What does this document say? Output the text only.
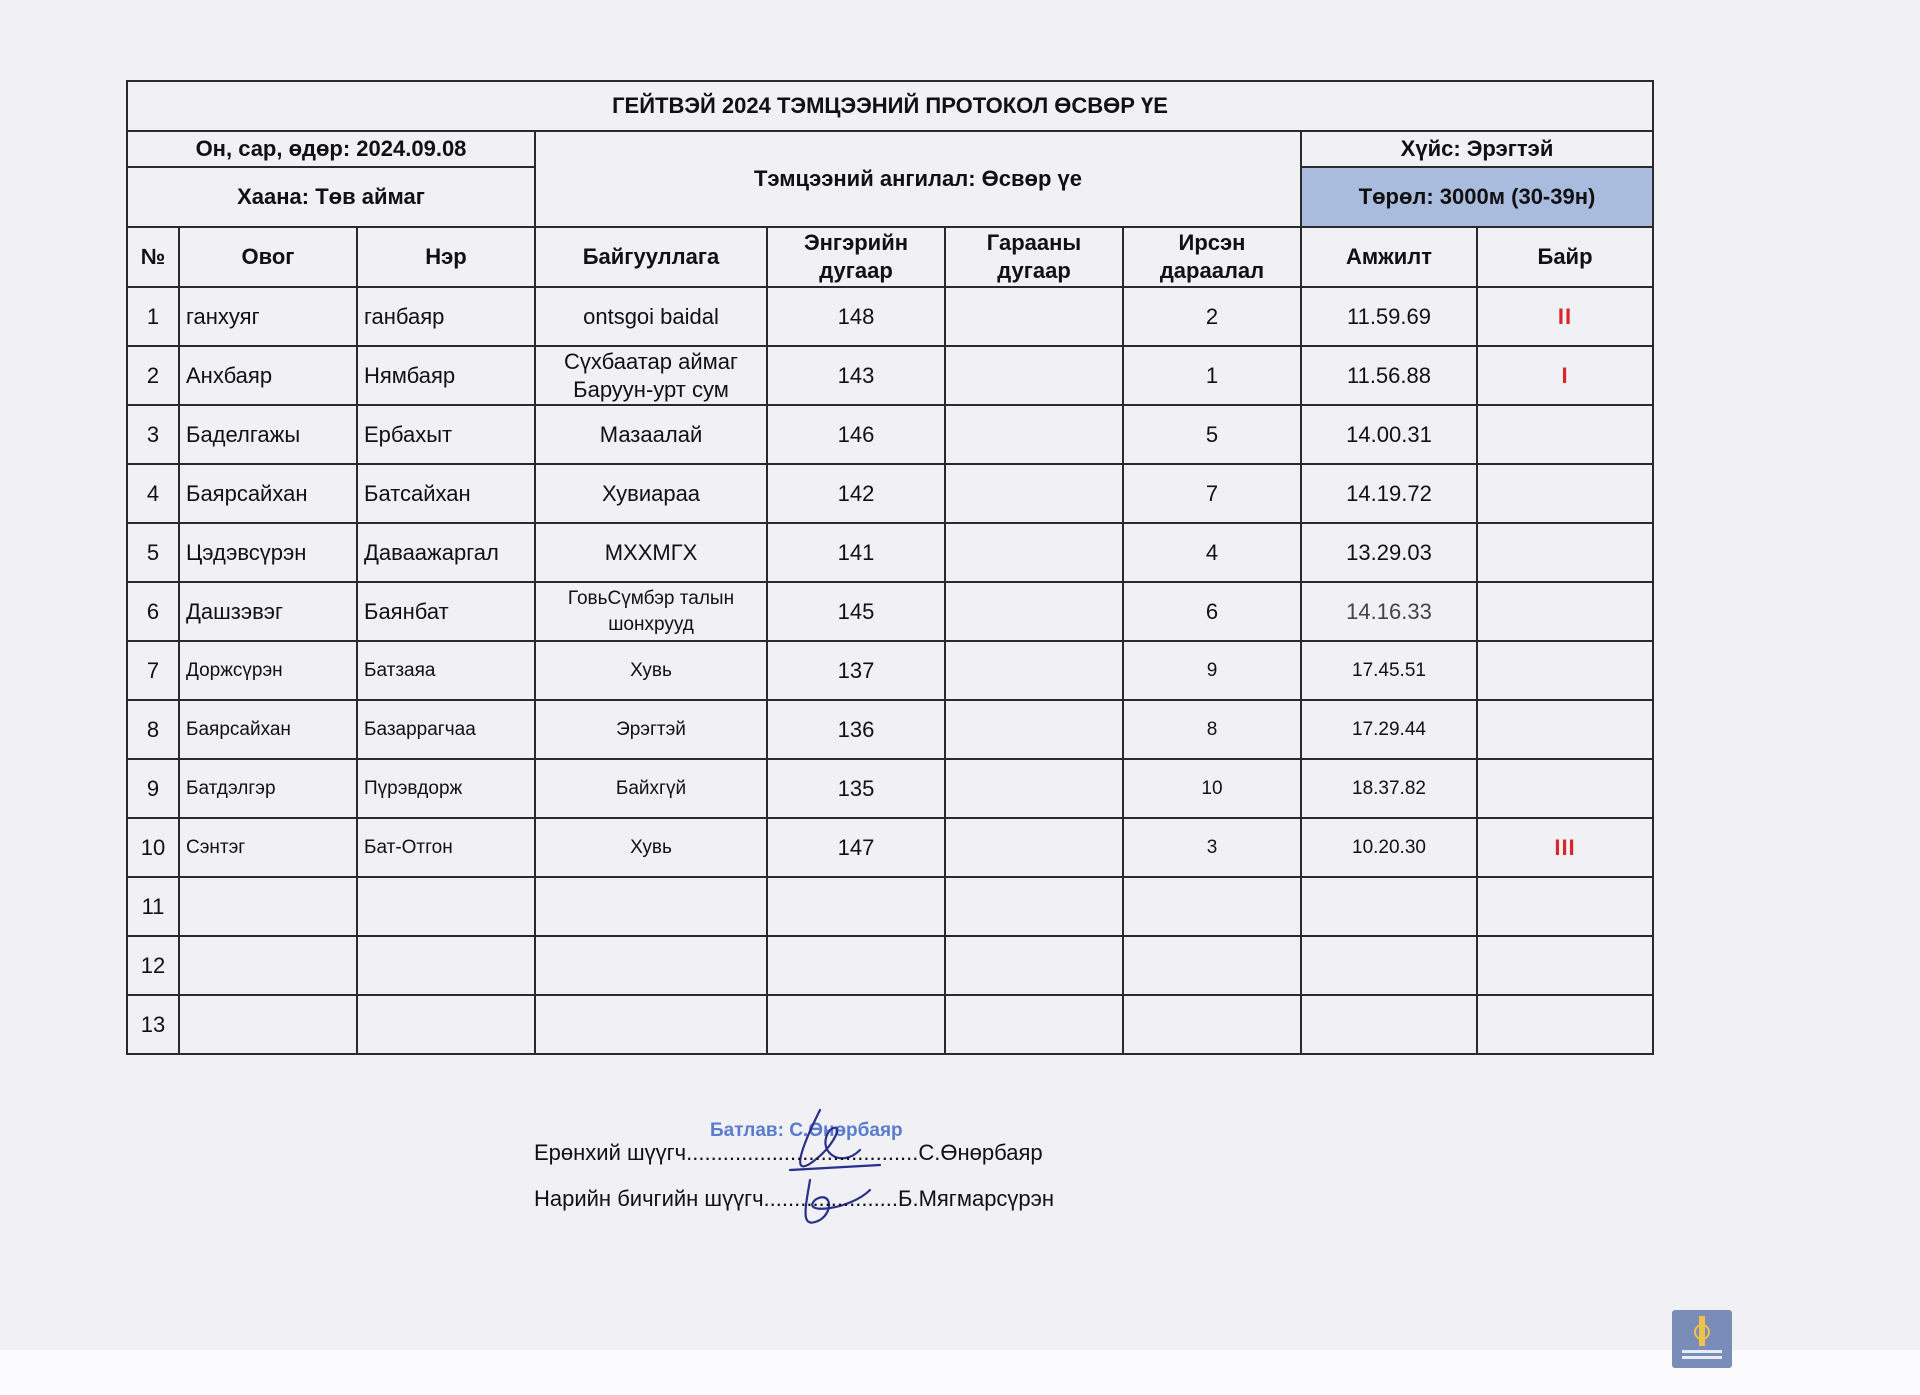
ГЕЙТВЭЙ 2024 ТЭМЦЭЭНИЙ ПРОТОКОЛ ӨСВӨР ҮЕ								
Он, сар, өдөр: 2024.09.08			Тэмцээний ангилал: Өсвөр үе				Хүйс: Эрэгтэй	
Хаана: Төв аймаг							Төрөл: 3000м (30-39н)	
№	Овог	Нэр	Байгууллага	Энгэрийн дугаар	Гарааны дугаар	Ирсэн дараалал	Амжилт	Байр
1	ганхуяг	ганбаяр	ontsgoi baidal	148		2	11.59.69	II
2	Анхбаяр	Нямбаяр	Сүхбаатар аймаг Баруун-урт сум	143		1	11.56.88	I
3	Баделгажы	Ербахыт	Мазаалай	146		5	14.00.31	
4	Баярсайхан	Батсайхан	Хувиараа	142		7	14.19.72	
5	Цэдэвсүрэн	Даваажаргал	МХХМГХ	141		4	13.29.03	
6	Дашзэвэг	Баянбат	ГовьСүмбэр талын шонхрууд	145		6	14.16.33	
7	Доржсүрэн	Батзаяа	Хувь	137		9	17.45.51	
8	Баярсайхан	Базаррагчаа	Эрэгтэй	136		8	17.29.44	
9	Батдэлгэр	Пүрэвдорж	Байхгүй	135		10	18.37.82	
10	Сэнтэг	Бат-Отгон	Хувь	147		3	10.20.30	III
11								
12								
13								
Батлав: С.Өнөрбаяр
Ерөнхий шүүгч......................................С.Өнөрбаяр
Нарийн бичгийн шүүгч......................Б.Мягмарсүрэн
